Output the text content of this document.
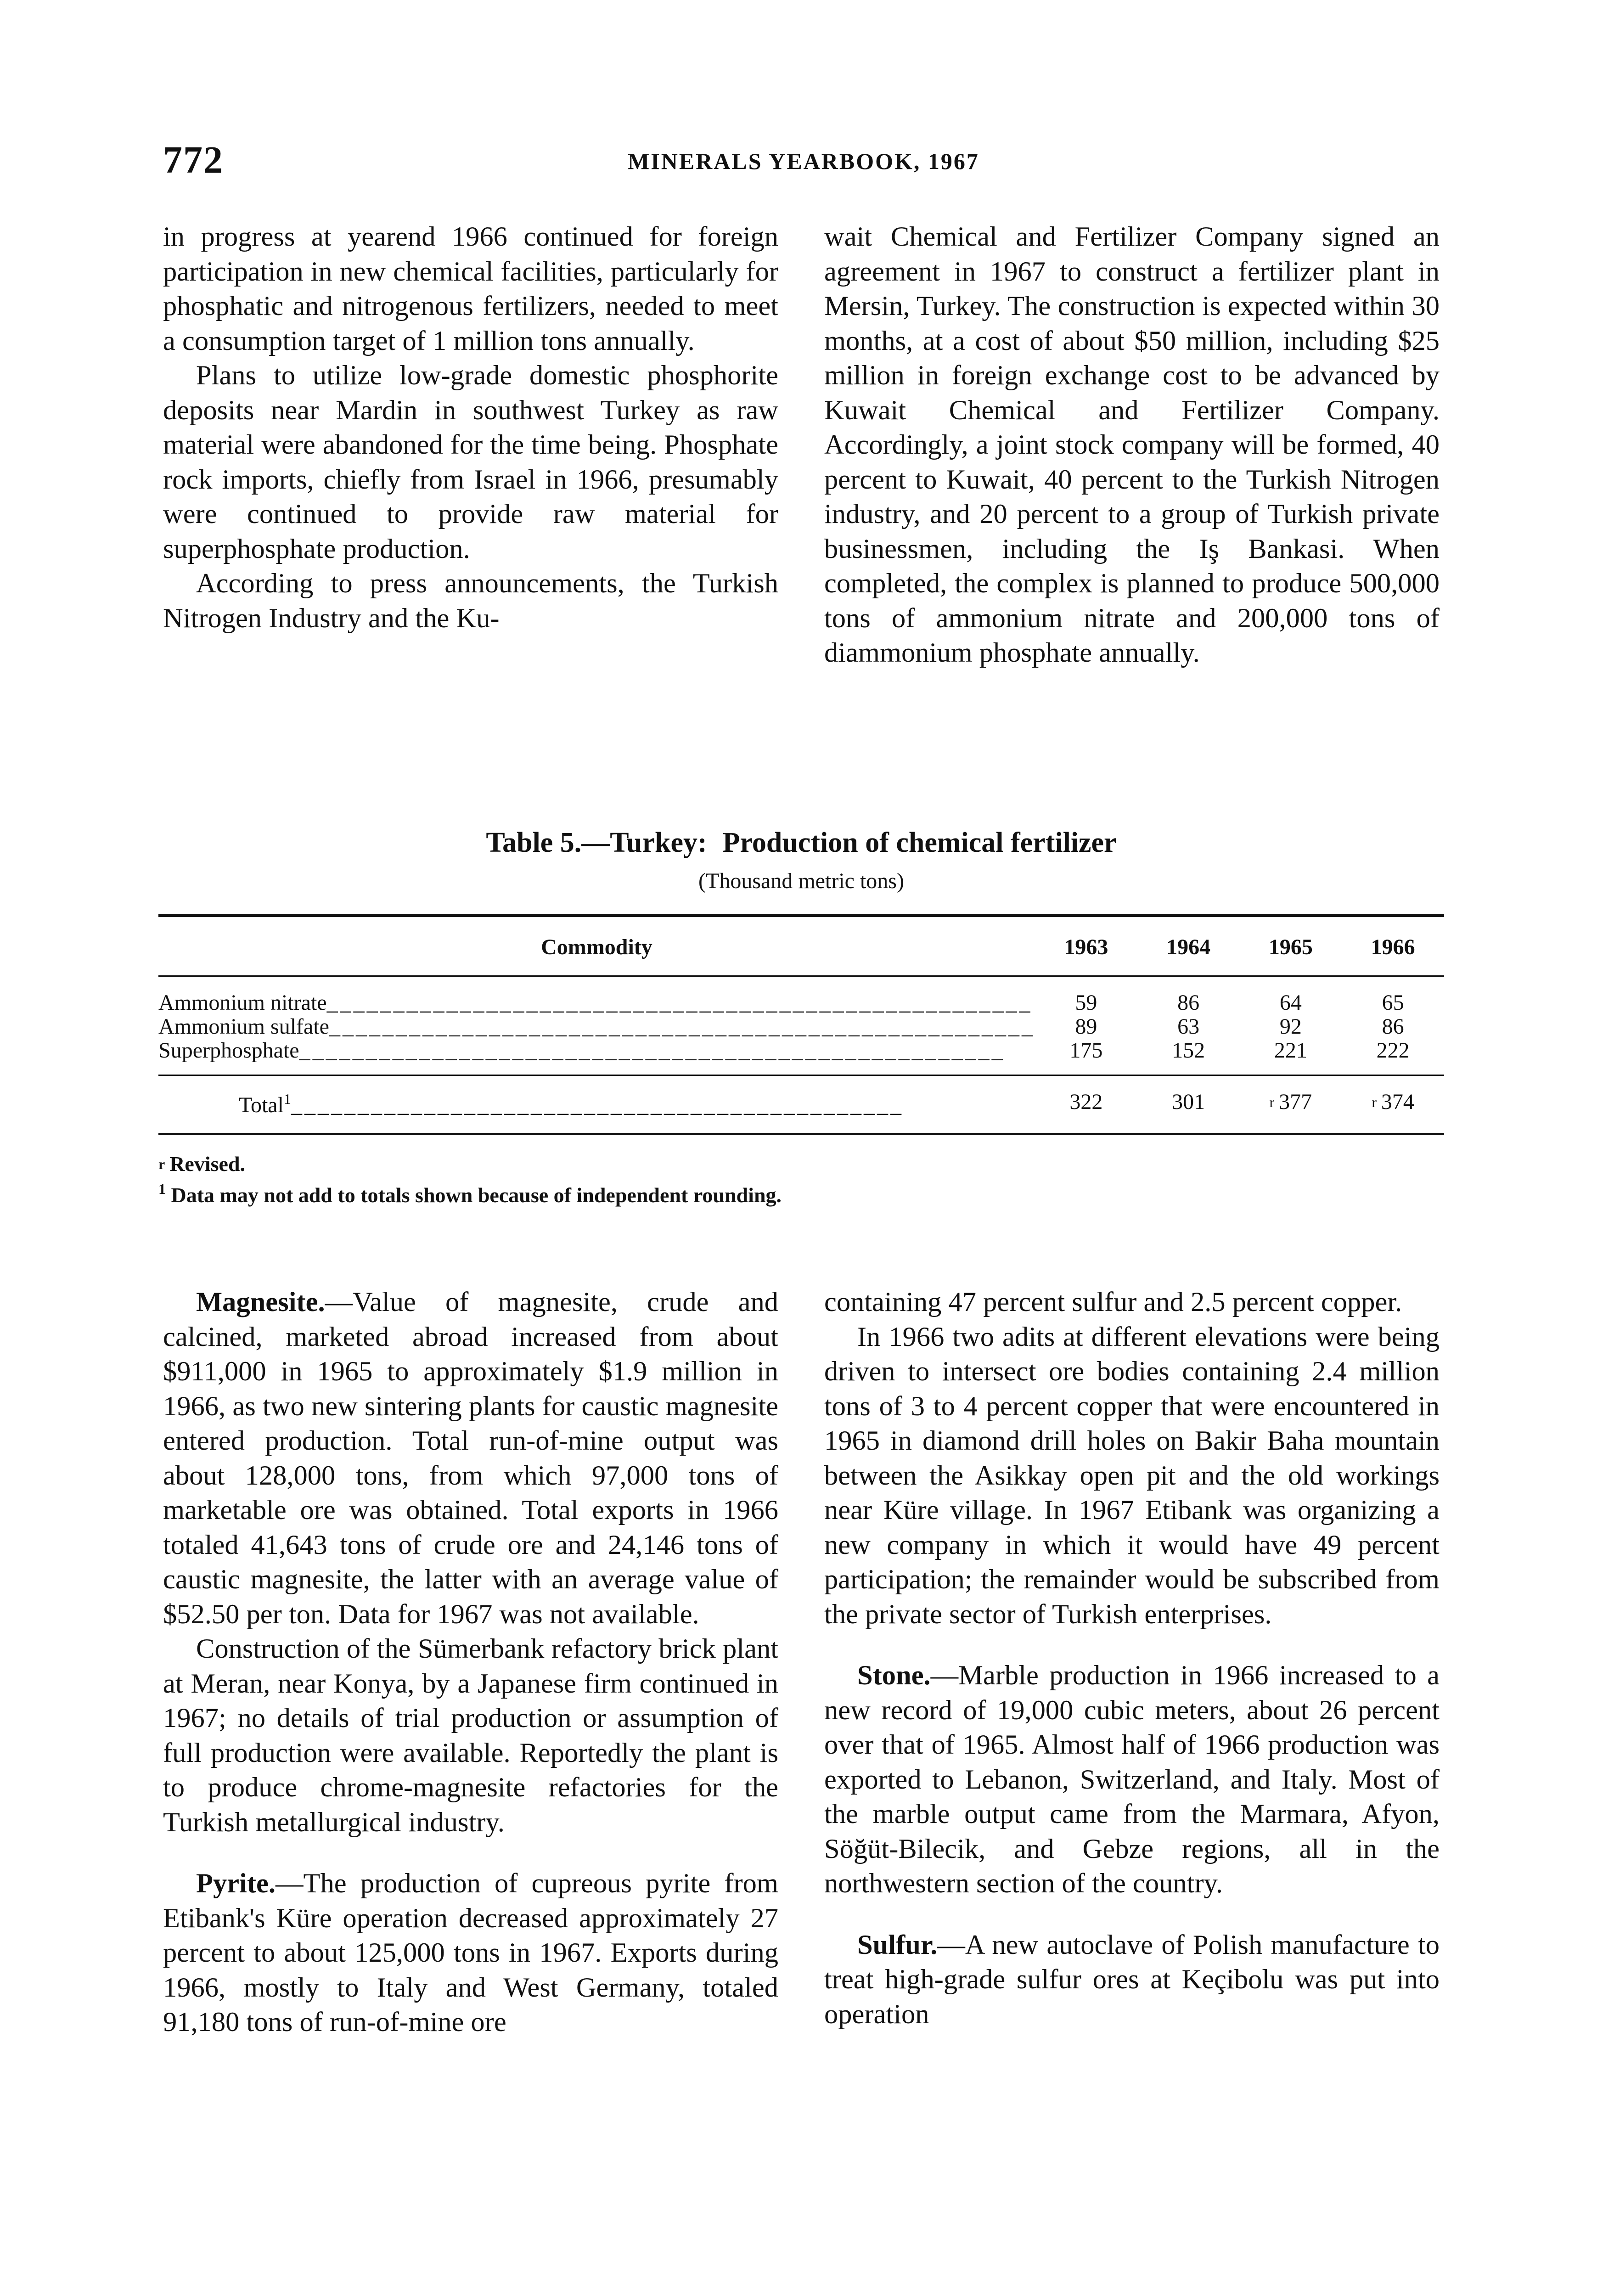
772	MINERALS YEARBOOK, 1967

in progress at yearend 1966 continued for foreign participation in new chemical facilities, particularly for phosphatic and nitrogenous fertilizers, needed to meet a consumption target of 1 million tons annually.

Plans to utilize low-grade domestic phosphorite deposits near Mardin in southwest Turkey as raw material were abandoned for the time being. Phosphate rock imports, chiefly from Israel in 1966, presumably were continued to provide raw material for superphosphate production.

According to press announcements, the Turkish Nitrogen Industry and the Ku-

wait Chemical and Fertilizer Company signed an agreement in 1967 to construct a fertilizer plant in Mersin, Turkey. The construction is expected within 30 months, at a cost of about $50 million, including $25 million in foreign exchange cost to be advanced by Kuwait Chemical and Fertilizer Company. Accordingly, a joint stock company will be formed, 40 percent to Kuwait, 40 percent to the Turkish Nitrogen industry, and 20 percent to a group of Turkish private businessmen, including the Iş Bankasi. When completed, the complex is planned to produce 500,000 tons of ammonium nitrate and 200,000 tons of diammonium phosphate annually.

Table 5.—Turkey: Production of chemical fertilizer
(Thousand metric tons)
Commodity	1963	1964	1965	1966
Ammonium nitrate_____________________________________________________	59	86	64	65
Ammonium sulfate_____________________________________________________	89	63	92	86
Superphosphate_____________________________________________________	175	152	221	222
Total$^1$______________________________________________	322	301	r 377	r 374
r Revised.
$^1$ Data may not add to totals shown because of independent rounding.

Magnesite.—Value of magnesite, crude and calcined, marketed abroad increased from about $911,000 in 1965 to approximately $1.9 million in 1966, as two new sintering plants for caustic magnesite entered production. Total run-of-mine output was about 128,000 tons, from which 97,000 tons of marketable ore was obtained. Total exports in 1966 totaled 41,643 tons of crude ore and 24,146 tons of caustic magnesite, the latter with an average value of $52.50 per ton. Data for 1967 was not available.

Construction of the Sümerbank refactory brick plant at Meran, near Konya, by a Japanese firm continued in 1967; no details of trial production or assumption of full production were available. Reportedly the plant is to produce chrome-magnesite refactories for the Turkish metallurgical industry.

Pyrite.—The production of cupreous pyrite from Etibank's Küre operation decreased approximately 27 percent to about 125,000 tons in 1967. Exports during 1966, mostly to Italy and West Germany, totaled 91,180 tons of run-of-mine ore

containing 47 percent sulfur and 2.5 percent copper.

In 1966 two adits at different elevations were being driven to intersect ore bodies containing 2.4 million tons of 3 to 4 percent copper that were encountered in 1965 in diamond drill holes on Bakir Baha mountain between the Asikkay open pit and the old workings near Küre village. In 1967 Etibank was organizing a new company in which it would have 49 percent participation; the remainder would be subscribed from the private sector of Turkish enterprises.

Stone.—Marble production in 1966 increased to a new record of 19,000 cubic meters, about 26 percent over that of 1965. Almost half of 1966 production was exported to Lebanon, Switzerland, and Italy. Most of the marble output came from the Marmara, Afyon, Söğüt-Bilecik, and Gebze regions, all in the northwestern section of the country.

Sulfur.—A new autoclave of Polish manufacture to treat high-grade sulfur ores at Keçibolu was put into operation
